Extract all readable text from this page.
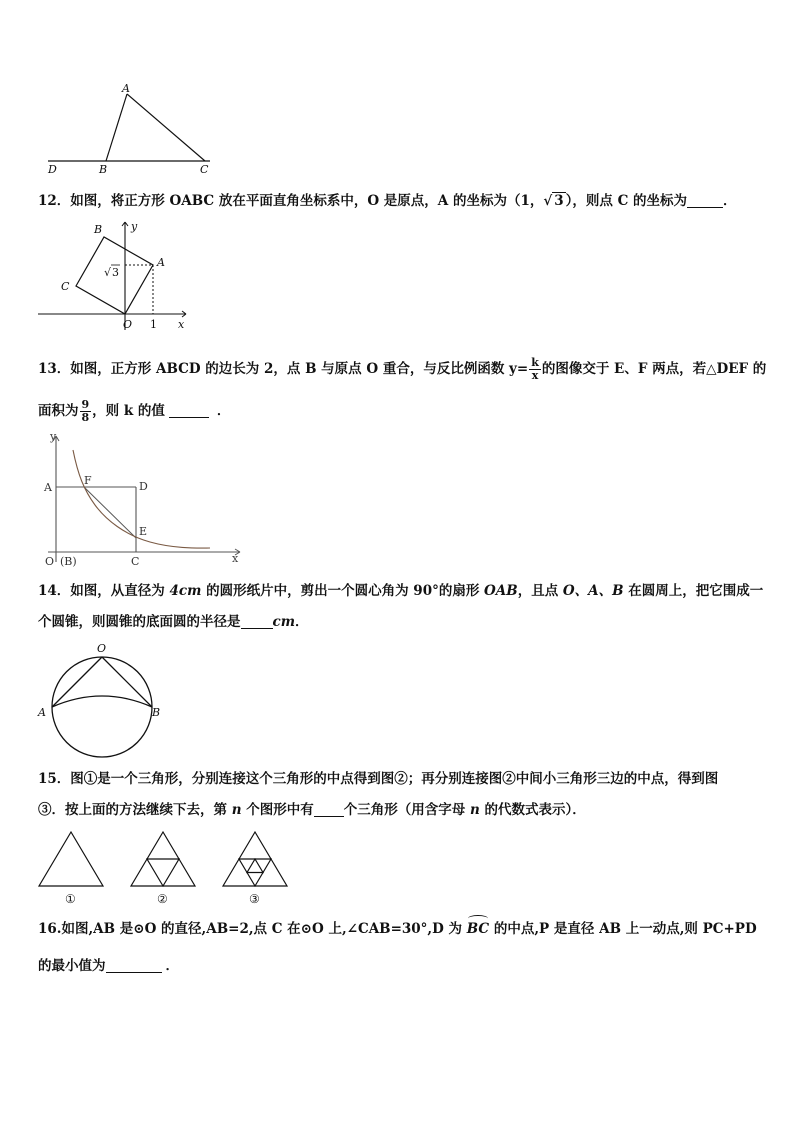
A
D	B	C
12．如图，将正方形 OABC 放在平面直角坐标系中，O 是原点，A 的坐标为（1，√ 3 ），则点 C 的坐标为	．
B	y
C
A
√ 3
O 1 x
13．如图，正方形 ABCD 的边长为 2，点 B 与原点 O 重合，与反比例函数 $y= \frac{k}{x}$ 的图像交于 E、F 两点，若△DEF 的
面积为 $\frac{9}{8}$ ，则 k 的值	．
y
A
F	D
E
O (B)	C	x
14．如图，从直径为 4cm 的圆形纸片中，剪出一个圆心角为 90°的扇形 OAB，且点 O、A、B 在圆周上，把它围成一
个圆锥，则圆锥的底面圆的半径是 cm．
O
A	B
15．图①是一个三角形，分别连接这个三角形的中点得到图②；再分别连接图②中间小三角形三边的中点，得到图
③．按上面的方法继续下去，第 n 个图形中有 个三角形（用含字母 n 的代数式表示）．
①	②	③
16.如图,AB 是⊙O 的直径,AB=2,点 C 在⊙O 上,∠CAB=30°,D 为
BC 的中点,P 是直径 AB 上一动点,则 PC+PD
的最小值为	．
